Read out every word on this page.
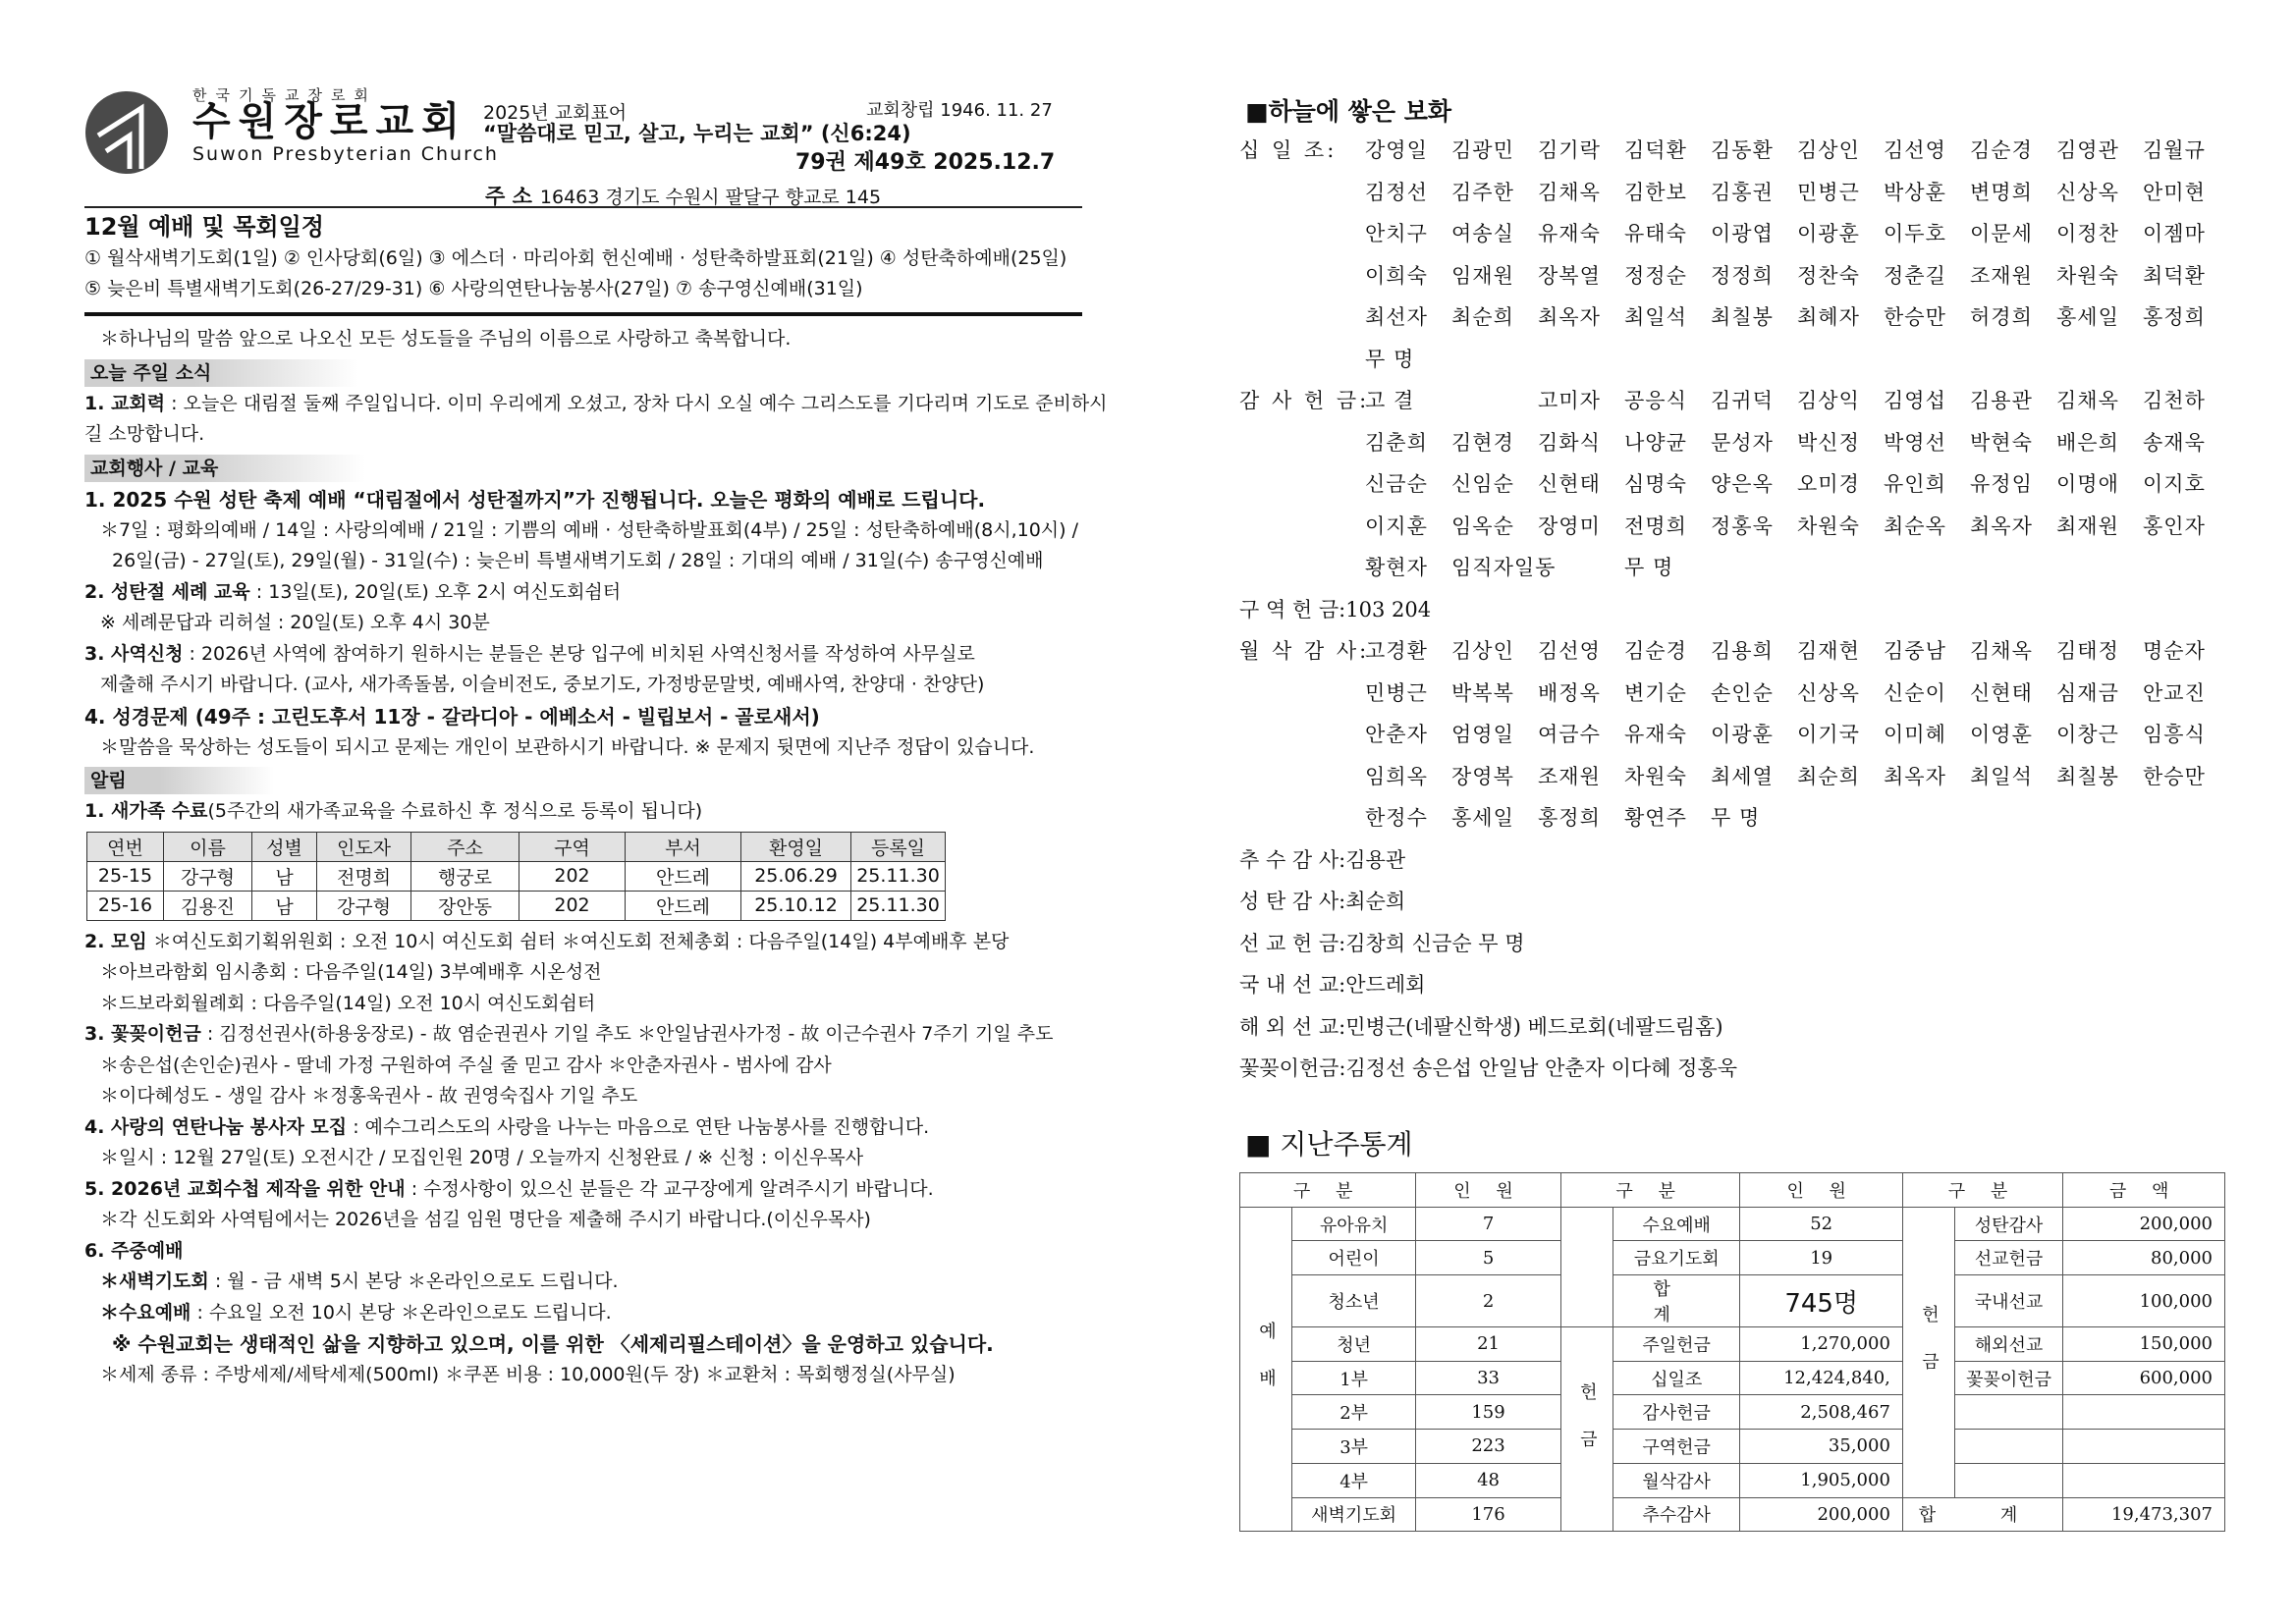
한국기독교장로회
수원장로교회
Suwon Presbyterian Church
2025년 교회표어
“말씀대로 믿고, 살고, 누리는 교회” (신6:24)
교회창립 1946. 11. 27
79권 제49호 2025.12.7
주 소 16463 경기도 수원시 팔달구 향교로 145
12월 예배 및 목회일정
① 월삭새벽기도회(1일) ② 인사당회(6일) ③ 에스더 · 마리아회 헌신예배 · 성탄축하발표회(21일) ④ 성탄축하예배(25일)
⑤ 늦은비 특별새벽기도회(26-27/29-31) ⑥ 사랑의연탄나눔봉사(27일) ⑦ 송구영신예배(31일)
＊하나님의 말씀 앞으로 나오신 모든 성도들을 주님의 이름으로 사랑하고 축복합니다.
오늘 주일 소식
1. 교회력 : 오늘은 대림절 둘째 주일입니다. 이미 우리에게 오셨고, 장차 다시 오실 예수 그리스도를 기다리며 기도로 준비하시
길 소망합니다.
교회행사 / 교육
1. 2025 수원 성탄 축제 예배 “대림절에서 성탄절까지”가 진행됩니다. 오늘은 평화의 예배로 드립니다.
＊7일 : 평화의예배 / 14일 : 사랑의예배 / 21일 : 기쁨의 예배 · 성탄축하발표회(4부) / 25일 : 성탄축하예배(8시,10시) /
26일(금) - 27일(토), 29일(월) - 31일(수) : 늦은비 특별새벽기도회 / 28일 : 기대의 예배 / 31일(수) 송구영신예배
2. 성탄절 세례 교육 : 13일(토), 20일(토) 오후 2시 여신도회쉼터
※ 세례문답과 리허설 : 20일(토) 오후 4시 30분
3. 사역신청 : 2026년 사역에 참여하기 원하시는 분들은 본당 입구에 비치된 사역신청서를 작성하여 사무실로
제출해 주시기 바랍니다. (교사, 새가족돌봄, 이슬비전도, 중보기도, 가정방문말벗, 예배사역, 찬양대 · 찬양단)
4. 성경문제 (49주 : 고린도후서 11장 - 갈라디아 - 에베소서 - 빌립보서 - 골로새서)
＊말씀을 묵상하는 성도들이 되시고 문제는 개인이 보관하시기 바랍니다. ※ 문제지 뒷면에 지난주 정답이 있습니다.
알림
1. 새가족 수료(5주간의 새가족교육을 수료하신 후 정식으로 등록이 됩니다)
연번	이름	성별	인도자	주소	구역	부서	환영일	등록일
25-15	강구형	남	전명희	행궁로	202	안드레	25.06.29	25.11.30
25-16	김용진	남	강구형	장안동	202	안드레	25.10.12	25.11.30
2. 모임 ＊여신도회기획위원회 : 오전 10시 여신도회 쉼터 ＊여신도회 전체총회 : 다음주일(14일) 4부예배후 본당
＊아브라함회 임시총회 : 다음주일(14일) 3부예배후 시온성전
＊드보라회월례회 : 다음주일(14일) 오전 10시 여신도회쉼터
3. 꽃꽂이헌금 : 김정선권사(하용웅장로) - 故 염순권권사 기일 추도 ＊안일남권사가정 - 故 이근수권사 7주기 기일 추도
＊송은섭(손인순)권사 - 딸네 가정 구원하여 주실 줄 믿고 감사 ＊안춘자권사 - 범사에 감사
＊이다혜성도 - 생일 감사 ＊정홍욱권사 - 故 권영숙집사 기일 추도
4. 사랑의 연탄나눔 봉사자 모집 : 예수그리스도의 사랑을 나누는 마음으로 연탄 나눔봉사를 진행합니다.
＊일시 : 12월 27일(토) 오전시간 / 모집인원 20명 / 오늘까지 신청완료 / ※ 신청 : 이신우목사
5. 2026년 교회수첩 제작을 위한 안내 : 수정사항이 있으신 분들은 각 교구장에게 알려주시기 바랍니다.
＊각 신도회와 사역팀에서는 2026년을 섬길 임원 명단을 제출해 주시기 바랍니다.(이신우목사)
6. 주중예배
＊새벽기도회 : 월 - 금 새벽 5시 본당 ＊온라인으로도 드립니다.
＊수요예배 : 수요일 오전 10시 본당 ＊온라인으로도 드립니다.
※ 수원교회는 생태적인 삶을 지향하고 있으며, 이를 위한 〈세제리필스테이션〉을 운영하고 있습니다.
＊세제 종류 : 주방세제/세탁세제(500ml) ＊쿠폰 비용 : 10,000원(두 장) ＊교환처 : 목회행정실(사무실)
■하늘에 쌓은 보화
십 일 조:	강영일	김광민	김기락	김덕환	김동환	김상인	김선영	김순경	김영관	김월규
김정선	김주한	김채옥	김한보	김홍권	민병근	박상훈	변명희	신상옥	안미현
안치구	여송실	유재숙	유태숙	이광엽	이광훈	이두호	이문세	이정찬	이젬마
이희숙	임재원	장복열	정정순	정정희	정찬숙	정춘길	조재원	차원숙	최덕환
최선자	최순희	최옥자	최일석	최칠봉	최혜자	한승만	허경희	홍세일	홍정희
무 명
감 사 헌 금:
고 결	고미자	공응식	김귀덕	김상익	김영섭	김용관	김채옥	김천하
김춘희	김현경	김화식	나양균	문성자	박신정	박영선	박현숙	배은희	송재욱
신금순	신임순	신현태	심명숙	양은옥	오미경	유인희	유정임	이명애	이지호
이지훈	임옥순	장영미	전명희	정홍욱	차원숙	최순옥	최옥자	최재원	홍인자
황현자	임직자일동	무 명
구 역 헌 금:103 204
월 삭 감 사:
고경환	김상인	김선영	김순경	김용희	김재현	김중남	김채옥	김태정	명순자
민병근	박복복	배정옥	변기순	손인순	신상옥	신순이	신현태	심재금	안교진
안춘자	엄영일	여금수	유재숙	이광훈	이기국	이미혜	이영훈	이창근	임흥식
임희옥	장영복	조재원	차원숙	최세열	최순희	최옥자	최일석	최칠봉	한승만
한정수	홍세일	홍정희	황연주	무 명
추 수 감 사:김용관
성 탄 감 사:최순희
선 교 헌 금:김창희 신금순 무 명
국 내 선 교:안드레회
해 외 선 교:민병근(네팔신학생) 베드로회(네팔드림홈)
꽃꽂이헌금:김정선 송은섭 안일남 안춘자 이다혜 정홍욱
■ 지난주통계
구 분		인 원	구 분		인 원	구 분		금 액
예배	유아유치	7		수요예배	52	헌금	성탄감사	200,000
	어린이	5		금요기도회	19		선교헌금	80,000
	청소년	2		합 계	745명		국내선교	100,000
	청년	21	헌금	주일헌금	1,270,000		해외선교	150,000
	1부	33		십일조	12,424,840,		꽃꽂이헌금	600,000
	2부	159		감사헌금	2,508,467			
	3부	223		구역헌금	35,000			
	4부	48		월삭감사	1,905,000			
	새벽기도회	176		추수감사	200,000	합 계		19,473,307
